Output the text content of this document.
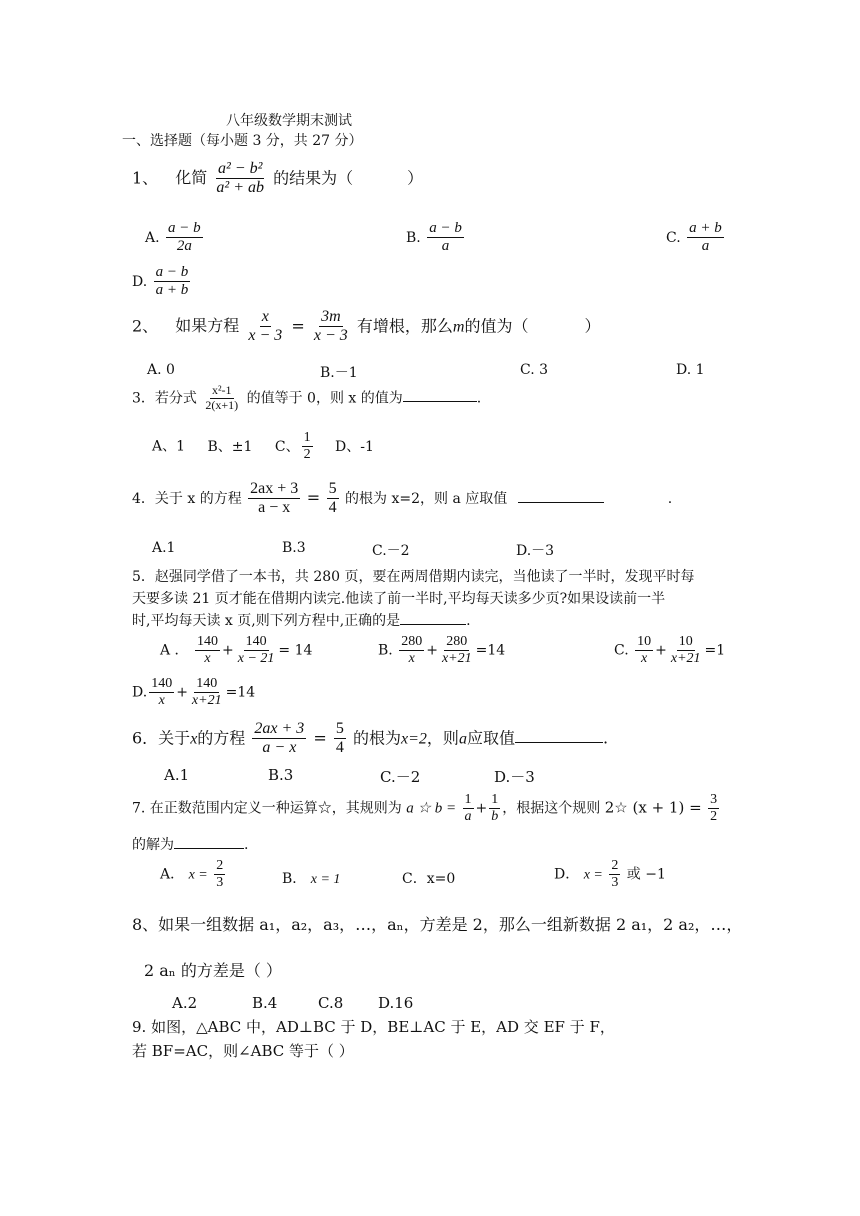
八年级数学期末测试
一、选择题（每小题 3 分，共 27 分）
1、 化简 $\frac{\text{a² − b²}}{\text{a² + ab}}$ 的结果为（	）
A. $\frac{a - b}{2a}$	B. $\frac{a - b}{a}$	C. $\frac{a + b}{a}$
D. $\frac{a - b}{a + b}$
2、 如果方程 $\frac{x}{x - 3} = \frac{3m}{x - 3}$ 有增根，那么m的值为（	）
A. 0	B.－1	C. 3	D. 1
3．若分式 $\frac{\text{x²-1}}{2(x+1)}$ 的值等于 0，则 x 的值为	.
A、1 B、±1 C、 $\frac{1}{2}$ D、-1
4．关于 x 的方程 $\frac{2ax + 3}{a - x} = \frac{5}{4}$ 的根为 x=2，则 a 应取值	.
A.1	B.3	C.－2	D.－3
5．赵强同学借了一本书，共 280 页，要在两周借期内读完，当他读了一半时，发现平时每
天要多读 21 页才能在借期内读完.他读了前一半时,平均每天读多少页?如果设读前一半
时,平均每天读 x 页,则下列方程中,正确的是	.
A ． $\frac{140}{x} + \frac{140}{x - 21} = 14$	B. $\frac{280}{x} + \frac{280}{x+21} =14$	C. $\frac{10}{x} + \frac{10}{x+21} =1$
D. $\frac{140}{x} + \frac{140}{x+21} =14$
6．关于x的方程 $\frac{2ax + 3}{a - x} = \frac{5}{4}$ 的根为x=2，则a应取值	.
A.1	B.3	C.－2	D.－3
7. 在正数范围内定义一种运算☆，其规则为 a ☆ $b = \frac{1}{a} + \frac{1}{b}$ ，根据这个规则 2☆ $(x + 1) = \frac{3}{2}$
的解为	.
A． $x = \frac{2}{3}$	B． x = 1	C．x=0	D． $x = \frac{2}{3}$ 或 −1
8、如果一组数据 a₁，a₂，a₃，…，aₙ，方差是 2，那么一组新数据 2 a₁，2 a₂，…，
2 aₙ 的方差是（ ）
A.2	B.4	C.8 D.16
9. 如图，△ABC 中，AD⊥BC 于 D，BE⊥AC 于 E，AD 交 EF 于 F，
若 BF=AC，则∠ABC 等于（ ）
